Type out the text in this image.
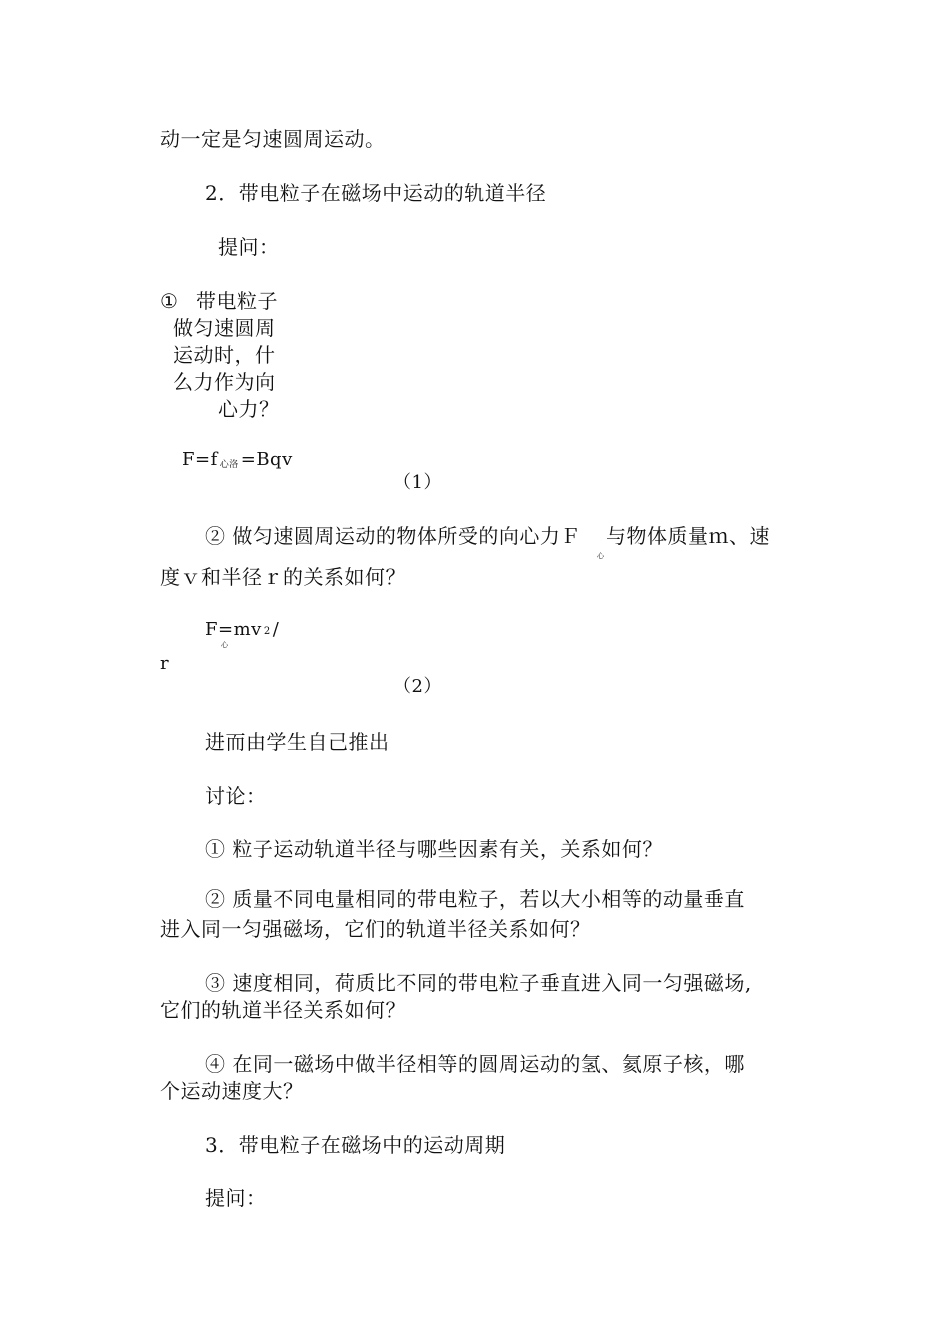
动一定是匀速圆周运动。
2．带电粒子在磁场中运动的轨道半径
提问：
① 带电粒子
做匀速圆周
运动时，什
么力作为向
心力？
F=f 心洛 =Bqv
（1）
② 做匀速圆周运动的物体所受的向心力Ｆ
心
与物体质量ｍ、速
度ｖ和半径ｒ的关系如何？
F=mv 2 /
心
r
（2）
进而由学生自己推出
讨论：
① 粒子运动轨道半径与哪些因素有关，关系如何？
② 质量不同电量相同的带电粒子，若以大小相等的动量垂直
进入同一匀强磁场，它们的轨道半径关系如何？
③ 速度相同，荷质比不同的带电粒子垂直进入同一匀强磁场,
它们的轨道半径关系如何？
④ 在同一磁场中做半径相等的圆周运动的氢、氦原子核，哪
个运动速度大？
3．带电粒子在磁场中的运动周期
提问：
